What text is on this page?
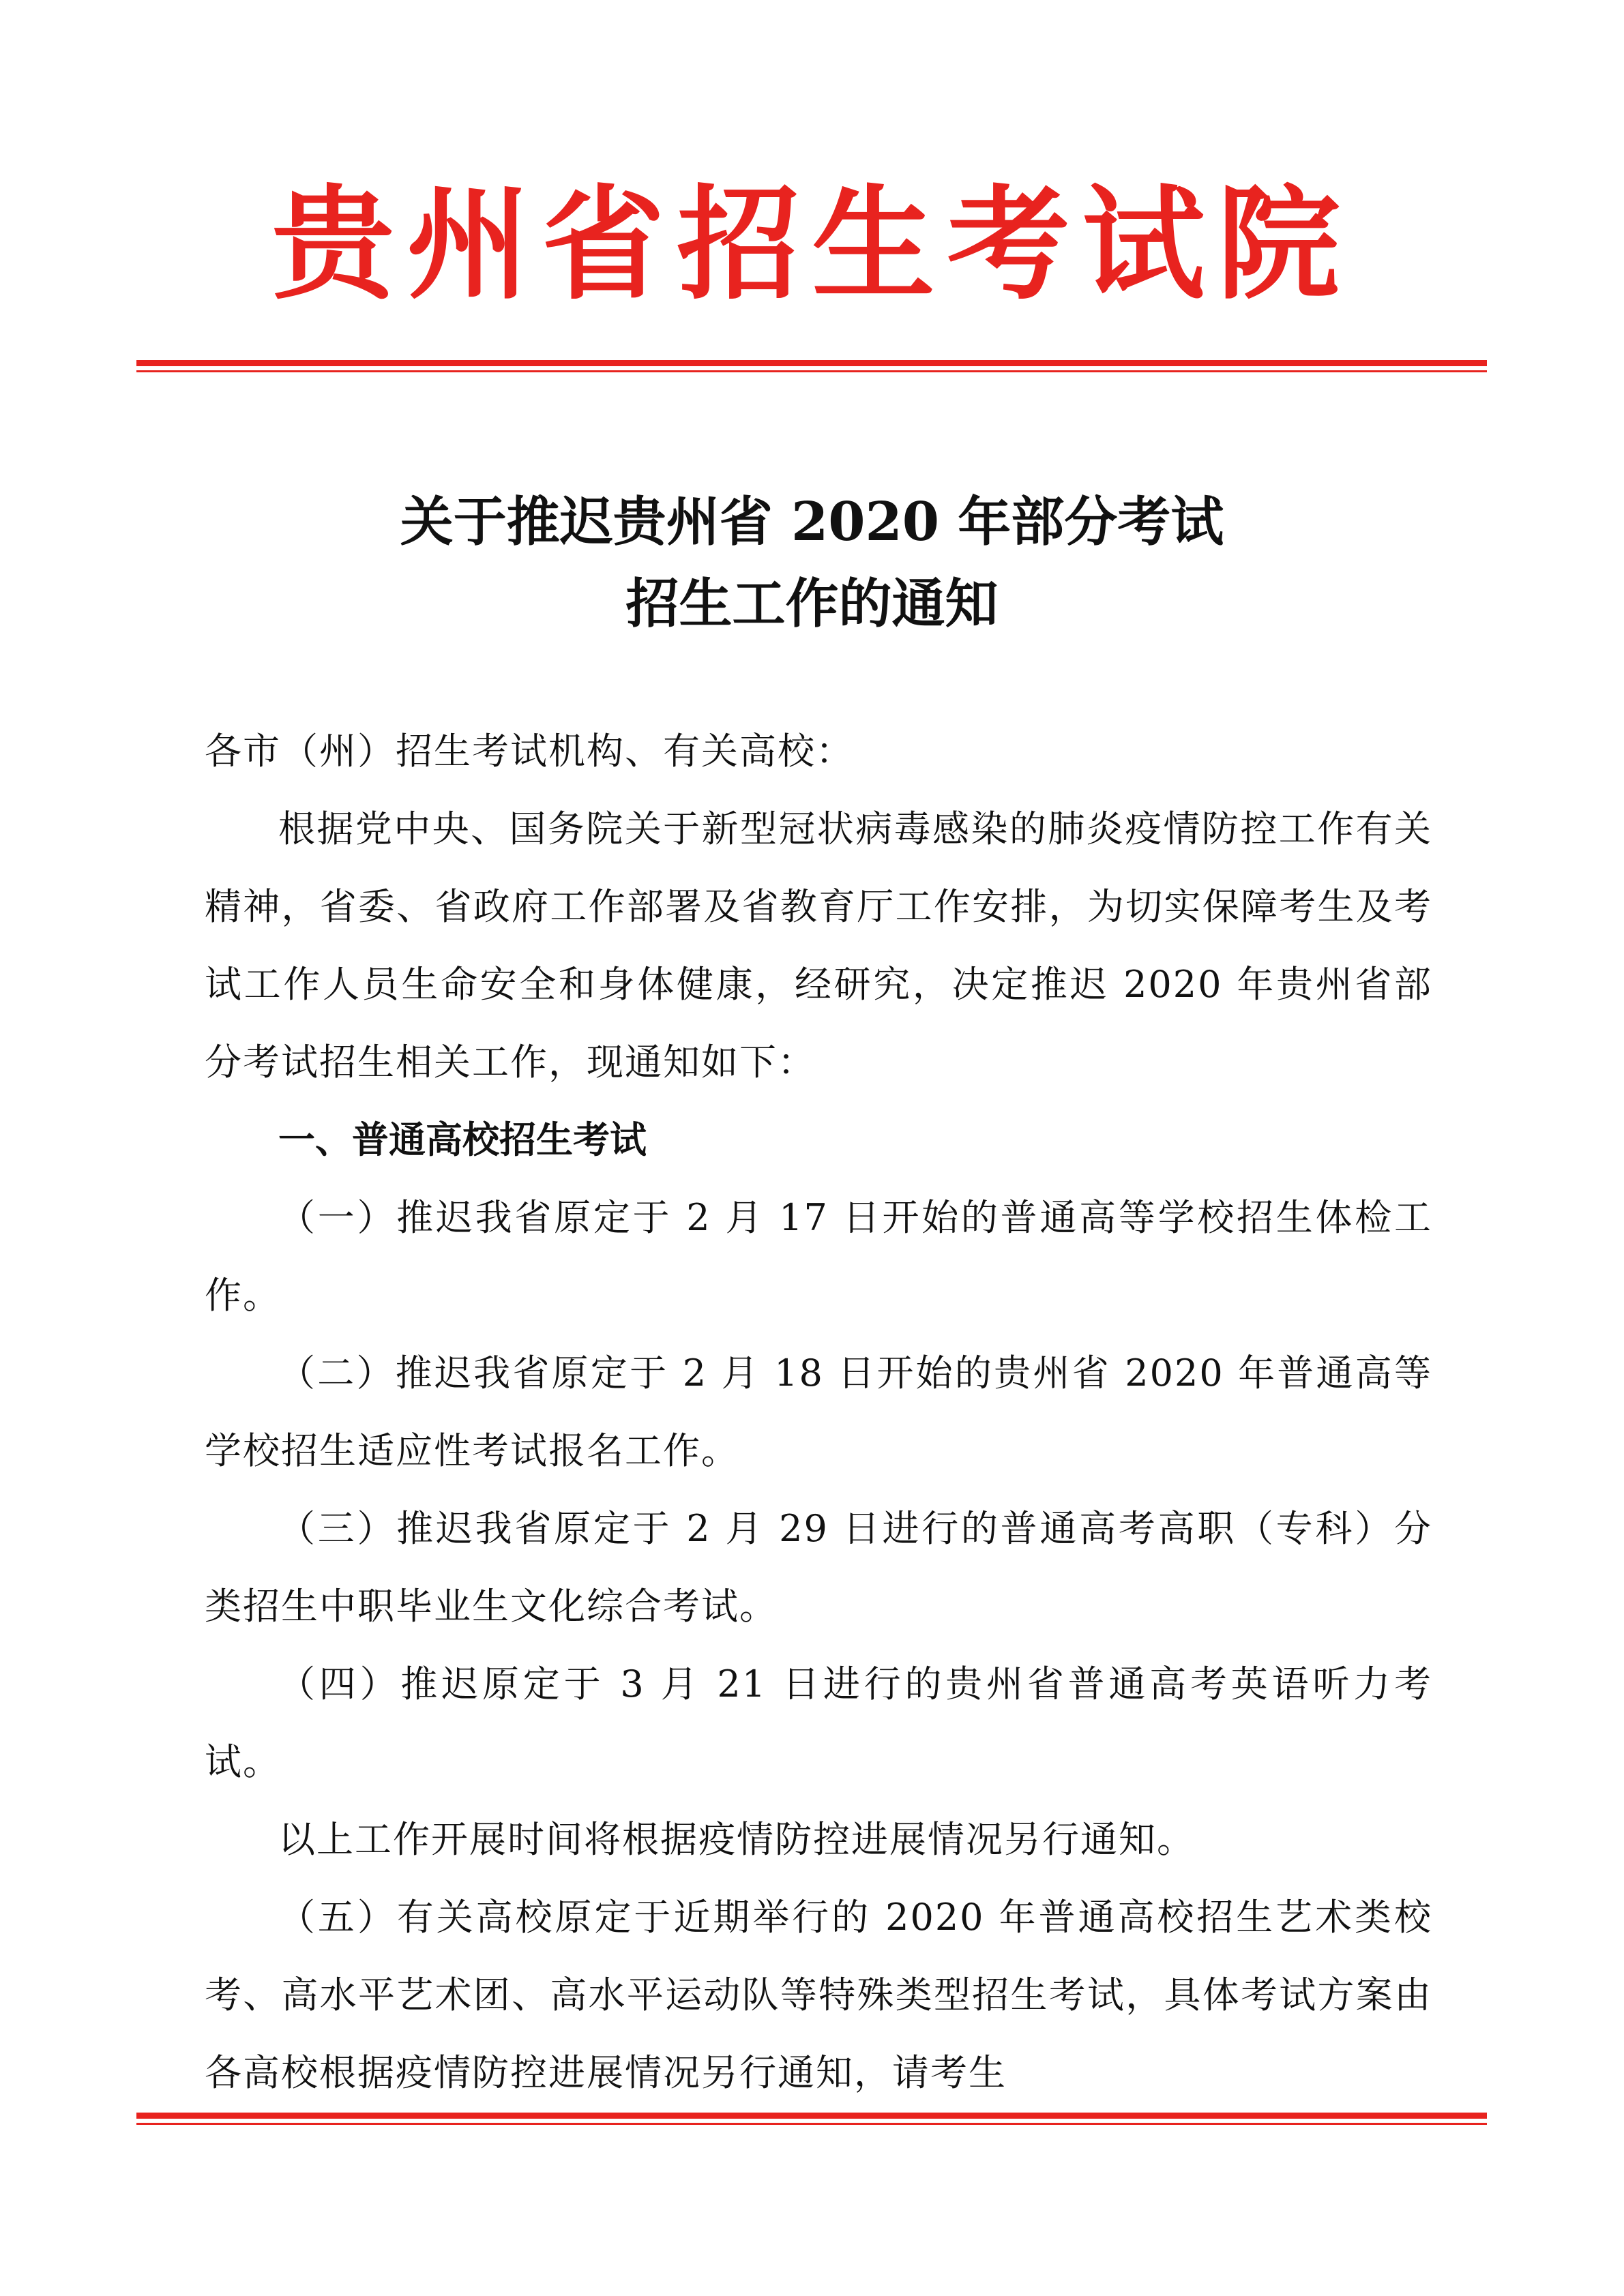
贵州省招生考试院
关于推迟贵州省 2020 年部分考试
招生工作的通知

各市（州）招生考试机构、有关高校：

根据党中央、国务院关于新型冠状病毒感染的肺炎疫情防控工作有关精神，省委、省政府工作部署及省教育厅工作安排，为切实保障考生及考试工作人员生命安全和身体健康，经研究，决定推迟 2020 年贵州省部分考试招生相关工作，现通知如下：

一、普通高校招生考试

（一）推迟我省原定于 2 月 17 日开始的普通高等学校招生体检工作。

（二）推迟我省原定于 2 月 18 日开始的贵州省 2020 年普通高等学校招生适应性考试报名工作。

（三）推迟我省原定于 2 月 29 日进行的普通高考高职（专科）分类招生中职毕业生文化综合考试。

（四）推迟原定于 3 月 21 日进行的贵州省普通高考英语听力考试。

以上工作开展时间将根据疫情防控进展情况另行通知。

（五）有关高校原定于近期举行的 2020 年普通高校招生艺术类校考、高水平艺术团、高水平运动队等特殊类型招生考试，具体考试方案由各高校根据疫情防控进展情况另行通知，请考生
